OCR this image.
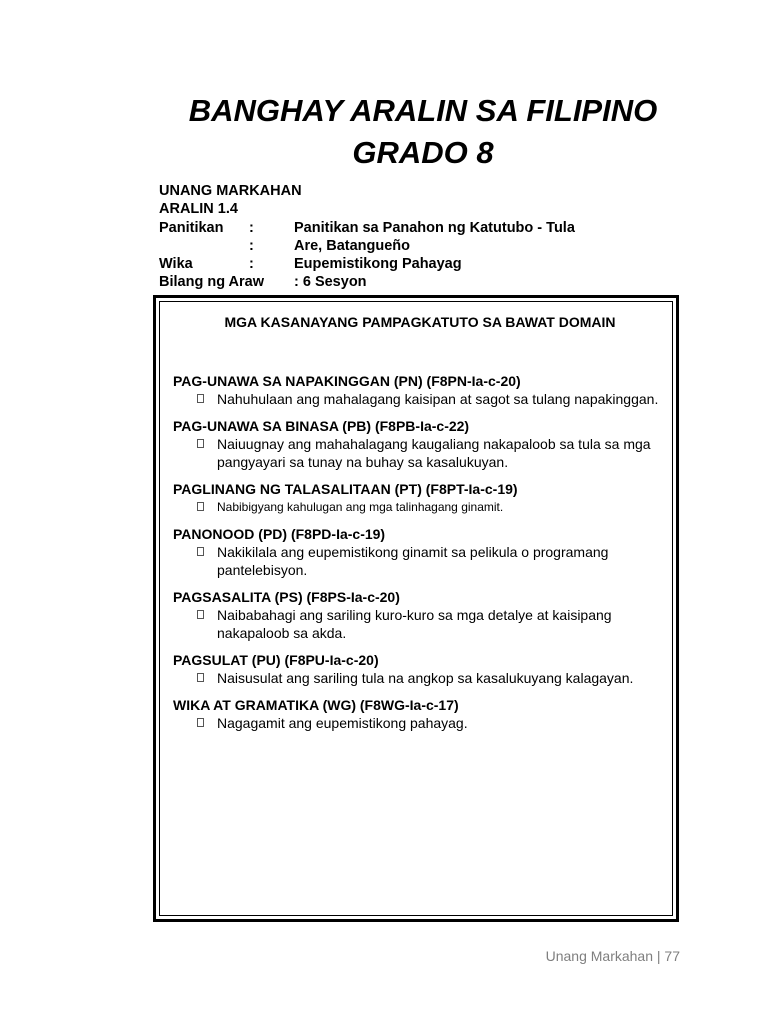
BANGHAY ARALIN SA FILIPINO
GRADO 8
UNANG MARKAHAN
ARALIN 1.4
Panitikan :	Panitikan sa Panahon ng Katutubo - Tula
:	Are, Batangueño
Wika	:	Eupemistikong Pahayag
Bilang ng Araw : 6 Sesyon
MGA KASANAYANG PAMPAGKATUTO SA BAWAT DOMAIN
PAG-UNAWA SA NAPAKINGGAN (PN) (F8PN-Ia-c-20)
Nahuhulaan ang mahalagang kaisipan at sagot sa tulang napakinggan.
PAG-UNAWA SA BINASA (PB) (F8PB-Ia-c-22)
Naiuugnay ang mahahalagang kaugaliang nakapaloob sa tula sa mga pangyayari sa tunay na buhay sa kasalukuyan.
PAGLINANG NG TALASALITAAN (PT) (F8PT-Ia-c-19)
Nabibigyang kahulugan ang mga talinhagang ginamit.
PANONOOD (PD) (F8PD-Ia-c-19)
Nakikilala ang eupemistikong ginamit sa pelikula o programang pantelebisyon.
PAGSASALITA (PS) (F8PS-Ia-c-20)
Naibabahagi ang sariling kuro-kuro sa mga detalye at kaisipang nakapaloob sa akda.
PAGSULAT (PU) (F8PU-Ia-c-20)
Naisusulat ang sariling tula na angkop sa kasalukuyang kalagayan.
WIKA AT GRAMATIKA (WG) (F8WG-Ia-c-17)
Nagagamit ang eupemistikong pahayag.
Unang Markahan | 77
